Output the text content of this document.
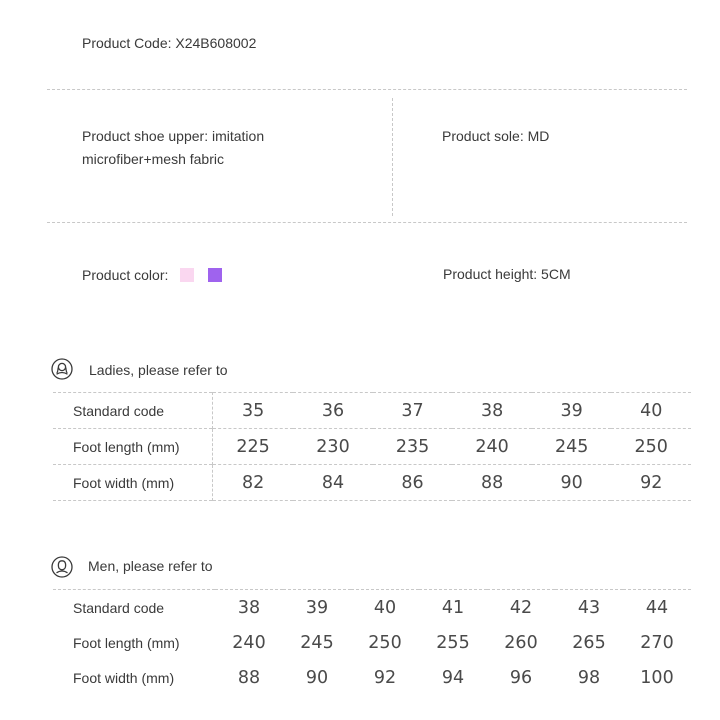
Product Code: X24B608002
Product shoe upper: imitation
microfiber+mesh fabric
Product sole: MD
Product color:	Product height: 5CM
Ladies, please refer to
Standard code	35	36	37	38	39	40
Foot length (mm)	225	230	235	240	245	250
Foot width (mm)	82	84	86	88	90	92
Men, please refer to
Standard code	38	39	40	41	42	43	44
Foot length (mm)	240	245	250	255	260	265	270
Foot width (mm)	88	90	92	94	96	98	100
